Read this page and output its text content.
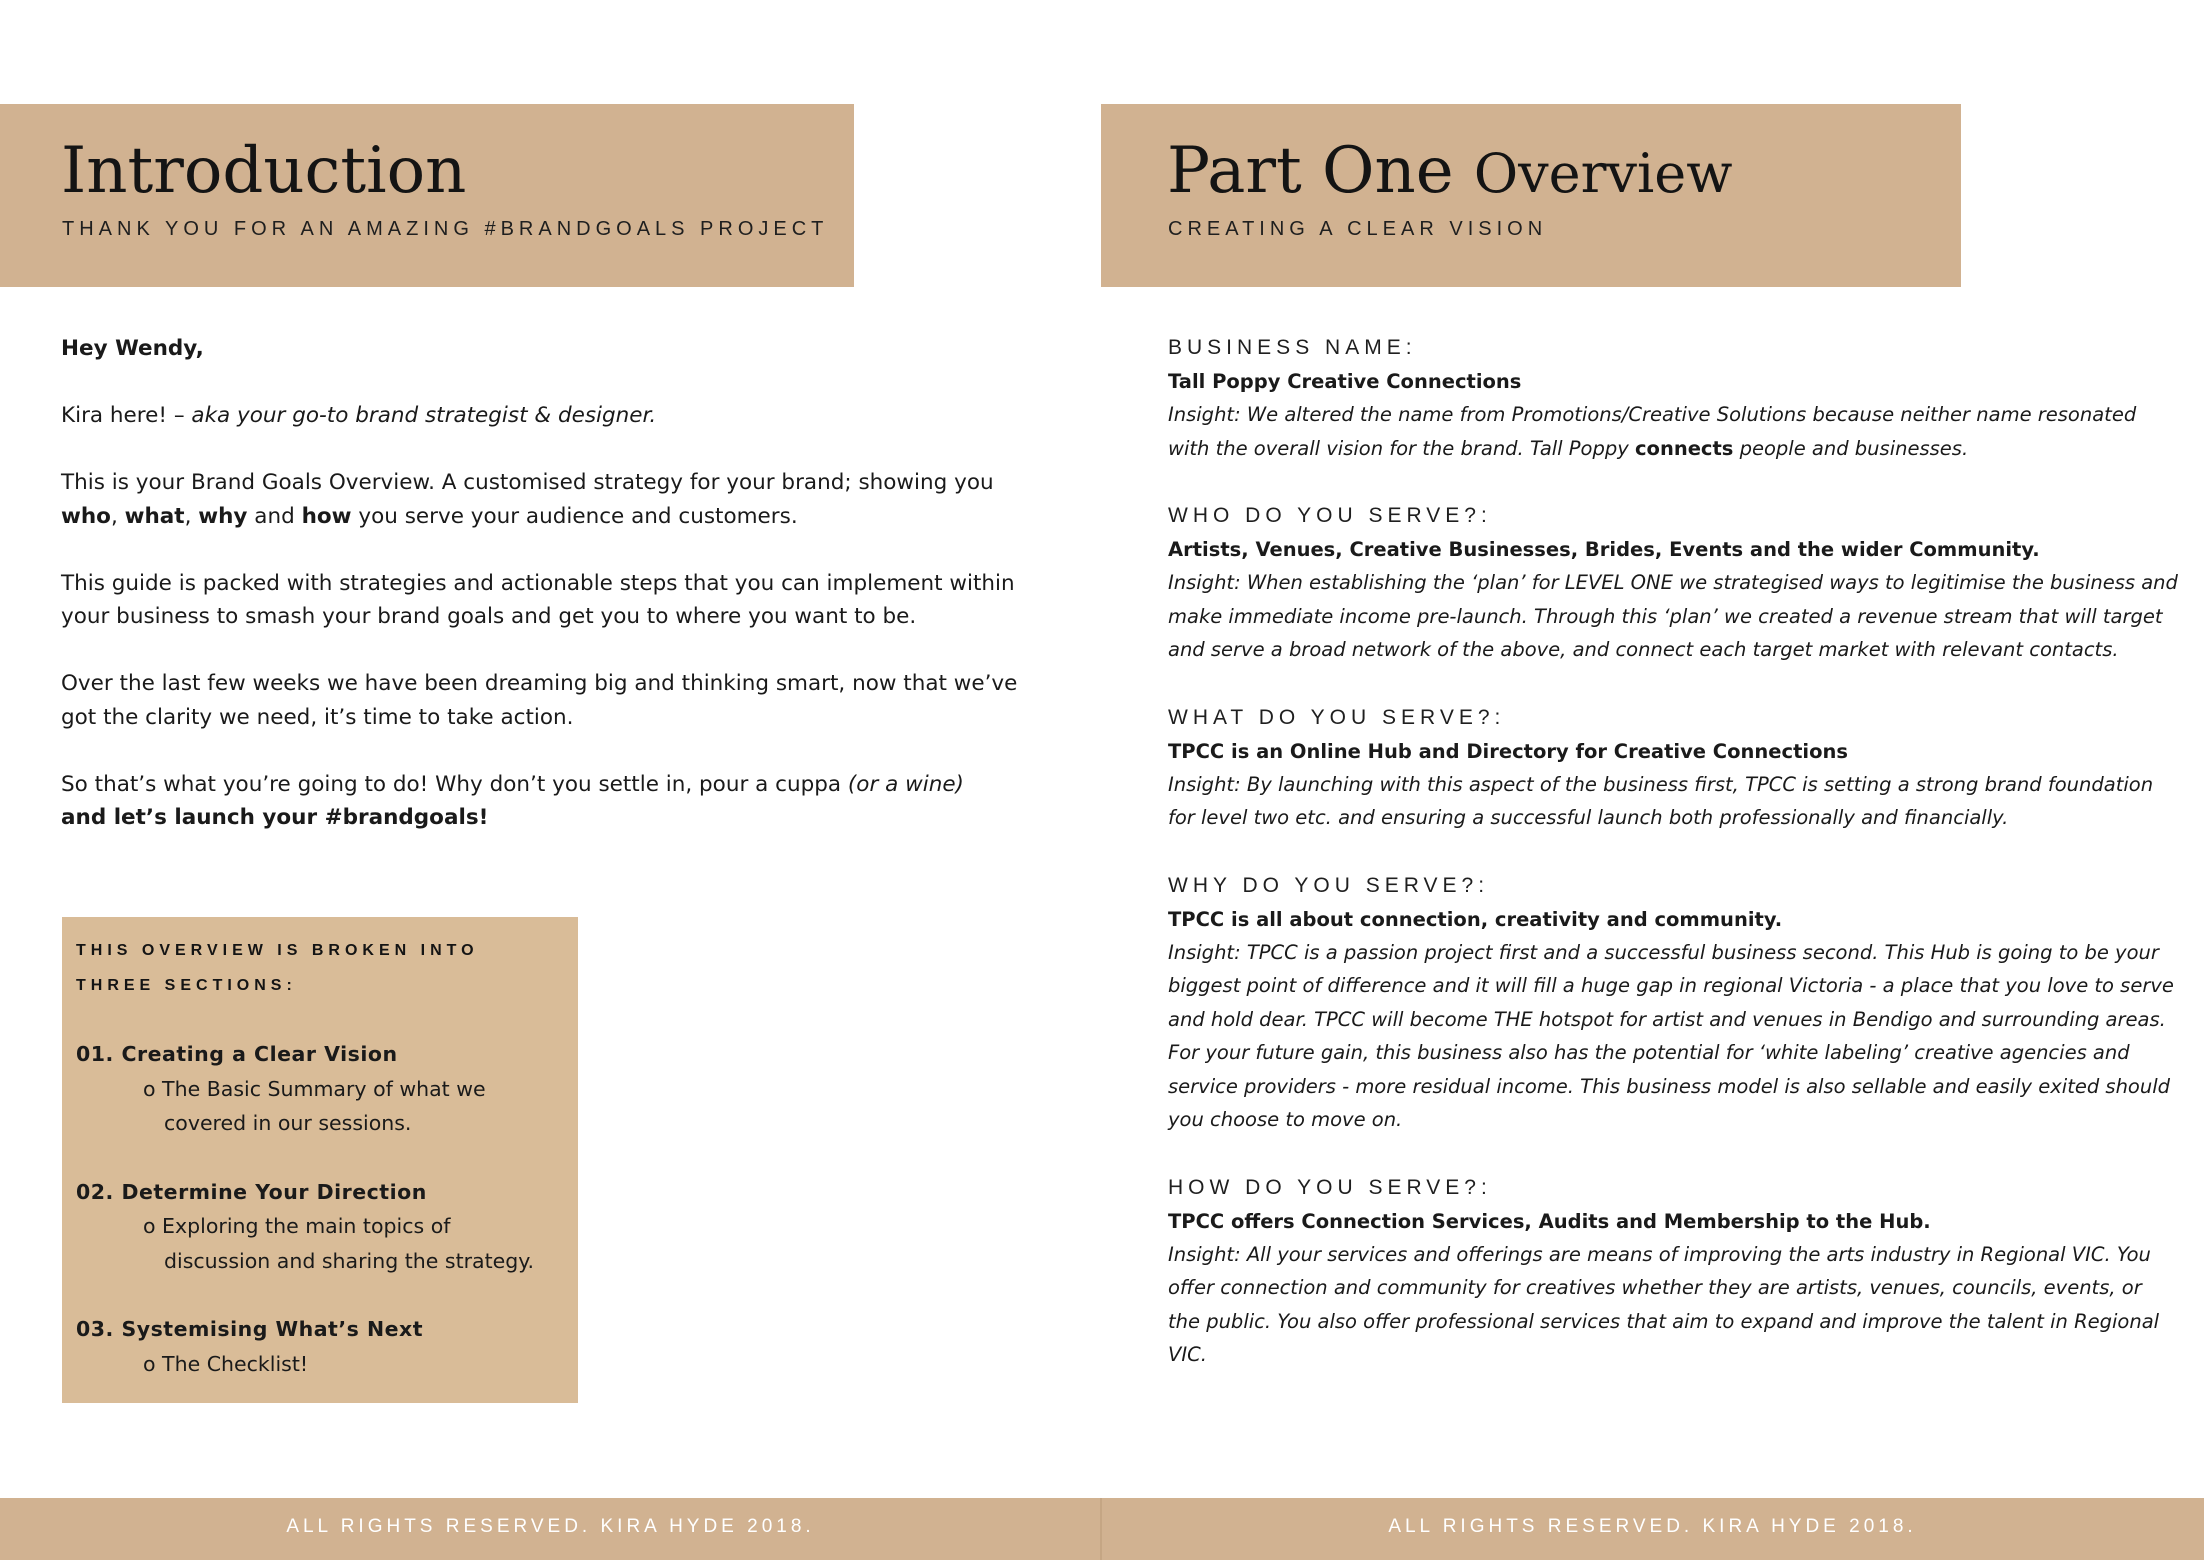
Introduction
THANK YOU FOR AN AMAZING #BRANDGOALS PROJECT

Hey Wendy,

Kira here! – aka your go-to brand strategist & designer.

This is your Brand Goals Overview. A customised strategy for your brand; showing you
who, what, why and how you serve your audience and customers.

This guide is packed with strategies and actionable steps that you can implement within your business to smash your brand goals and get you to where you want to be.

Over the last few weeks we have been dreaming big and thinking smart, now that we’ve got the clarity we need, it’s time to take action.

So that’s what you’re going to do! Why don’t you settle in, pour a cuppa (or a wine)
and let’s launch your #brandgoals!

THIS OVERVIEW IS BROKEN INTO THREE SECTIONS:
01. Creating a Clear Vision
o The Basic Summary of what we
covered in our sessions.
02. Determine Your Direction
o Exploring the main topics of
discussion and sharing the strategy.
03. Systemising What’s Next
o The Checklist!
ALL RIGHTS RESERVED. KIRA HYDE 2018.
Part One Overview
CREATING A CLEAR VISION
BUSINESS NAME:
Tall Poppy Creative Connections
Insight: We altered the name from Promotions/Creative Solutions because neither name resonated with the overall vision for the brand. Tall Poppy connects people and businesses.
WHO DO YOU SERVE?:
Artists, Venues, Creative Businesses, Brides, Events and the wider Community.
Insight: When establishing the ‘plan’ for LEVEL ONE we strategised ways to legitimise the business and make immediate income pre-launch. Through this ‘plan’ we created a revenue stream that will target and serve a broad network of the above, and connect each target market with relevant contacts.
WHAT DO YOU SERVE?:
TPCC is an Online Hub and Directory for Creative Connections
Insight: By launching with this aspect of the business first, TPCC is setting a strong brand foundation for level two etc. and ensuring a successful launch both professionally and financially.
WHY DO YOU SERVE?:
TPCC is all about connection, creativity and community.
Insight: TPCC is a passion project first and a successful business second. This Hub is going to be your biggest point of difference and it will fill a huge gap in regional Victoria - a place that you love to serve and hold dear. TPCC will become THE hotspot for artist and venues in Bendigo and surrounding areas. For your future gain, this business also has the potential for ‘white labeling’ creative agencies and service providers - more residual income. This business model is also sellable and easily exited should you choose to move on.
HOW DO YOU SERVE?:
TPCC offers Connection Services, Audits and Membership to the Hub.
Insight: All your services and offerings are means of improving the arts industry in Regional VIC. You offer connection and community for creatives whether they are artists, venues, councils, events, or the public. You also offer professional services that aim to expand and improve the talent in Regional VIC.
ALL RIGHTS RESERVED. KIRA HYDE 2018.
